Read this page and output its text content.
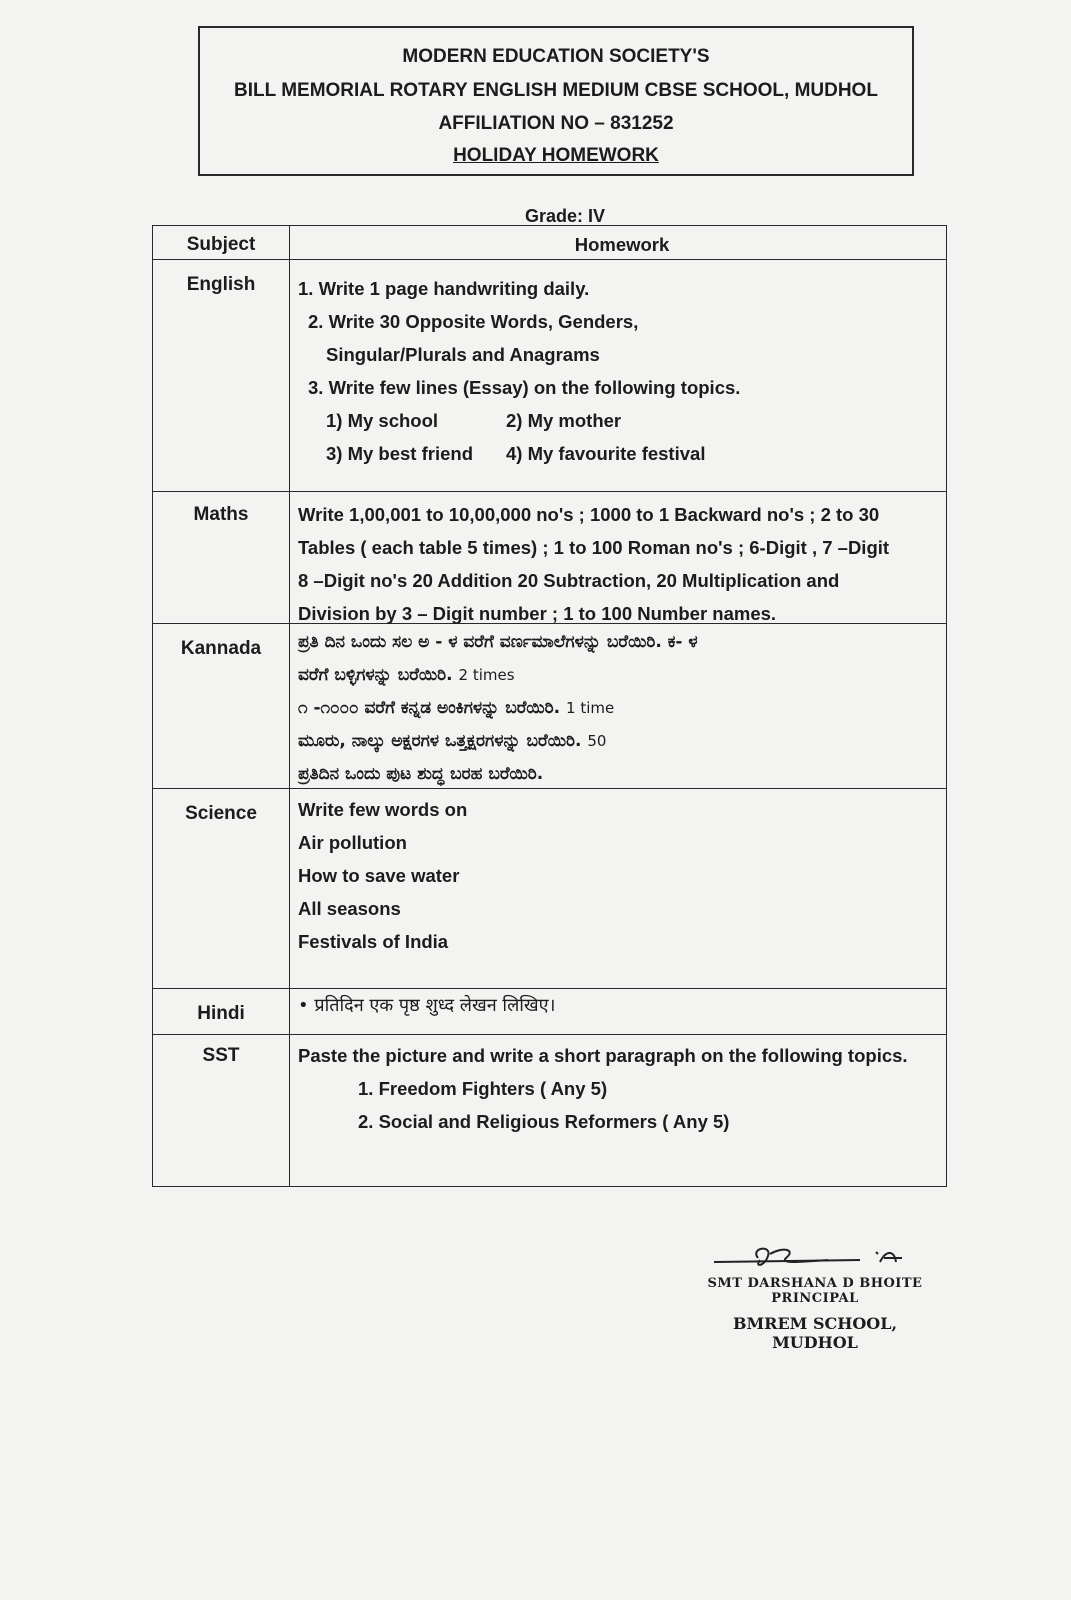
MODERN EDUCATION SOCIETY'S
BILL MEMORIAL ROTARY ENGLISH MEDIUM CBSE SCHOOL, MUDHOL
AFFILIATION NO – 831252
HOLIDAY HOMEWORK
Grade: IV
Subject	Homework
English	1. Write 1 page handwriting daily.
2. Write 30 Opposite Words, Genders,
Singular/Plurals and Anagrams
3. Write few lines (Essay) on the following topics.
1) My school	2) My mother
3) My best friend 4) My favourite festival
Maths	Write 1,00,001 to 10,00,000 no's ; 1000 to 1 Backward no's ; 2 to 30
Tables ( each table 5 times) ; 1 to 100 Roman no's ; 6-Digit , 7 –Digit
8 –Digit no's 20 Addition 20 Subtraction, 20 Multiplication and
Division by 3 – Digit number ; 1 to 100 Number names.
Kannada	ಪ್ರತಿ ದಿನ ಒಂದು ಸಲ ಅ - ಳ ವರೆಗೆ ವರ್ಣಮಾಲೆಗಳನ್ನು ಬರೆಯಿರಿ. ಕ- ಳ
ವರೆಗೆ ಬಳ್ಳಿಗಳನ್ನು ಬರೆಯಿರಿ. 2 times
೧ -೧೦೦೦ ವರೆಗೆ ಕನ್ನಡ ಅಂಕಿಗಳನ್ನು ಬರೆಯಿರಿ. 1 time
ಮೂರು, ನಾಲ್ಕು ಅಕ್ಷರಗಳ ಒತ್ತಕ್ಷರಗಳನ್ನು ಬರೆಯಿರಿ. 50
ಪ್ರತಿದಿನ ಒಂದು ಪುಟ ಶುದ್ಧ ಬರಹ ಬರೆಯಿರಿ.
Science	Write few words on
Air pollution
How to save water
All seasons
Festivals of India
Hindi	• प्रतिदिन एक पृष्ठ शुध्द लेखन लिखिए।
SST	Paste the picture and write a short paragraph on the following topics.
1. Freedom Fighters ( Any 5)
2. Social and Religious Reformers ( Any 5)
SMT DARSHANA D BHOITE
PRINCIPAL
BMREM SCHOOL, MUDHOL
